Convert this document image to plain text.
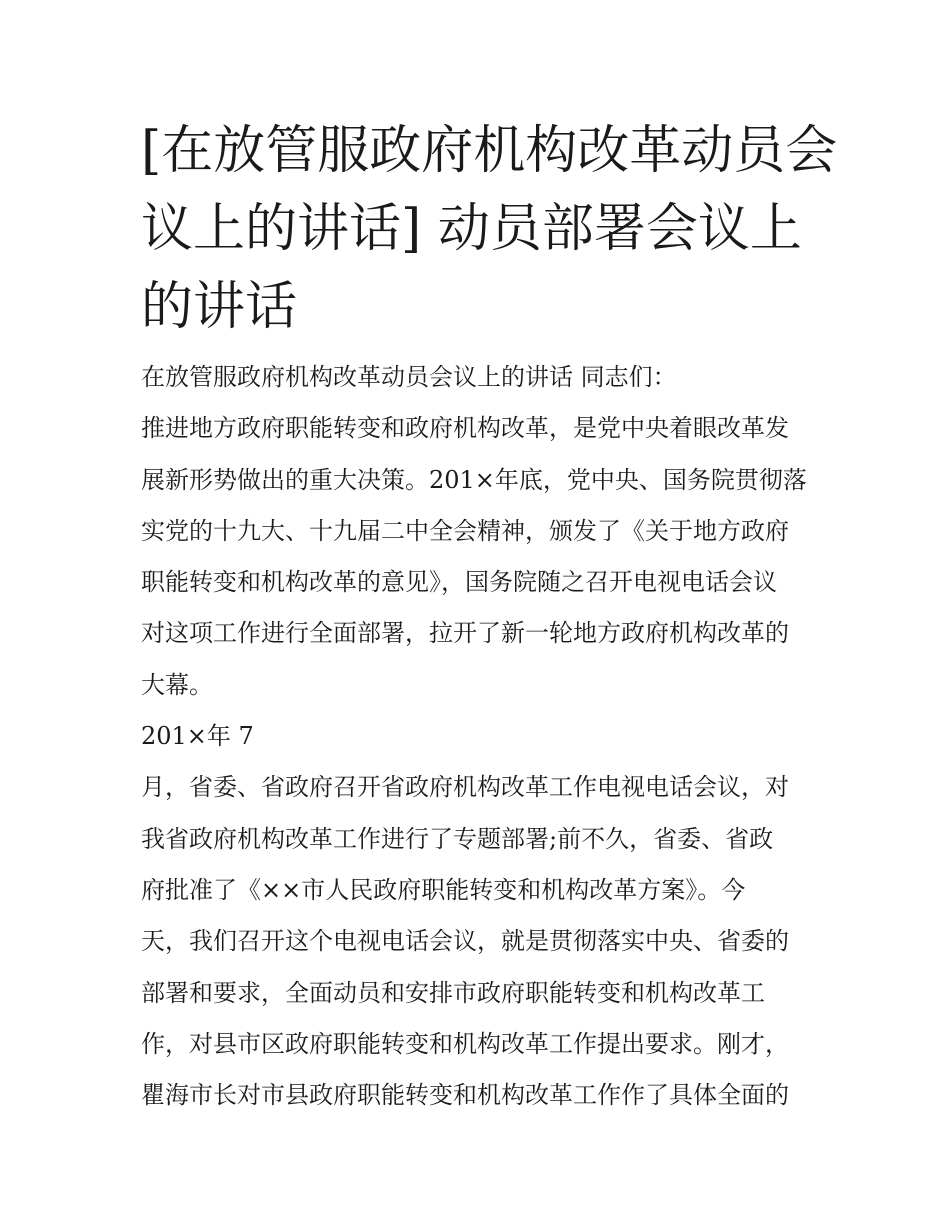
[在放管服政府机构改革动员会
议上的讲话] 动员部署会议上
的讲话
在放管服政府机构改革动员会议上的讲话 同志们：
推进地方政府职能转变和政府机构改革，是党中央着眼改革发
展新形势做出的重大决策。201×年底，党中央、国务院贯彻落
实党的十九大、十九届二中全会精神，颁发了《关于地方政府
职能转变和机构改革的意见》，国务院随之召开电视电话会议
对这项工作进行全面部署，拉开了新一轮地方政府机构改革的
大幕。
201×年 7
月，省委、省政府召开省政府机构改革工作电视电话会议，对
我省政府机构改革工作进行了专题部署;前不久，省委、省政
府批准了《××市人民政府职能转变和机构改革方案》。今
天，我们召开这个电视电话会议，就是贯彻落实中央、省委的
部署和要求，全面动员和安排市政府职能转变和机构改革工
作，对县市区政府职能转变和机构改革工作提出要求。刚才，
瞿海市长对市县政府职能转变和机构改革工作作了具体全面的
